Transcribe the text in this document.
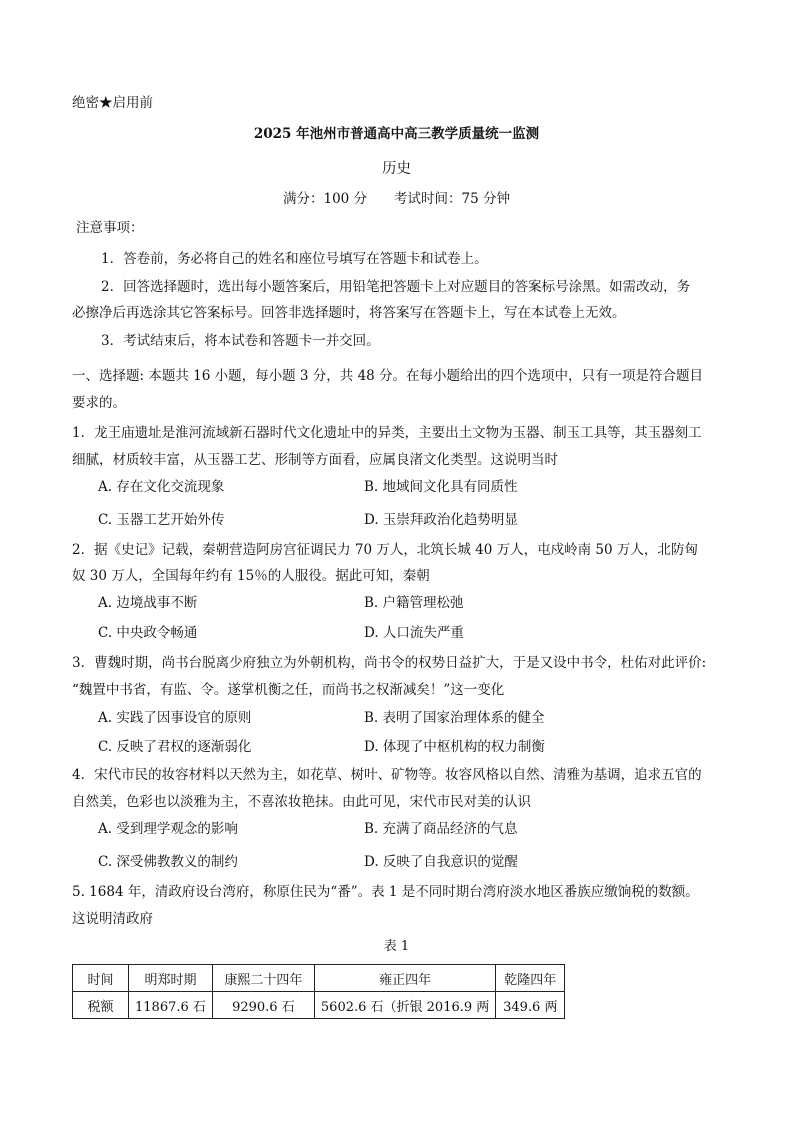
绝密★启用前
2025 年池州市普通高中高三教学质量统一监测
历史
满分：100 分　　考试时间：75 分钟
注意事项：
1．答卷前，务必将自己的姓名和座位号填写在答题卡和试卷上。
2．回答选择题时，选出每小题答案后，用铅笔把答题卡上对应题目的答案标号涂黑。如需改动，务
必擦净后再选涂其它答案标号。回答非选择题时，将答案写在答题卡上，写在本试卷上无效。
3．考试结束后，将本试卷和答题卡一并交回。
一、选择题: 本题共 16 小题，每小题 3 分，共 48 分。在每小题给出的四个选项中，只有一项是符合题目
要求的。
1．龙王庙遗址是淮河流域新石器时代文化遗址中的异类，主要出土文物为玉器、制玉工具等，其玉器刻工
细腻，材质较丰富，从玉器工艺、形制等方面看，应属良渚文化类型。这说明当时
A. 存在文化交流现象	B. 地域间文化具有同质性
C. 玉器工艺开始外传	D. 玉崇拜政治化趋势明显
2．据《史记》记载，秦朝营造阿房宫征调民力 70 万人，北筑长城 40 万人，屯戍岭南 50 万人，北防匈
奴 30 万人，全国每年约有 15％的人服役。据此可知，秦朝
A. 边境战事不断	B. 户籍管理松弛
C. 中央政令畅通	D. 人口流失严重
3．曹魏时期，尚书台脱离少府独立为外朝机构，尚书令的权势日益扩大，于是又设中书令，杜佑对此评价:
“魏置中书省，有监、令。遂掌机衡之任，而尚书之权渐减矣！”这一变化
A. 实践了因事设官的原则	B. 表明了国家治理体系的健全
C. 反映了君权的逐渐弱化	D. 体现了中枢机构的权力制衡
4．宋代市民的妆容材料以天然为主，如花草、树叶、矿物等。妆容风格以自然、清雅为基调，追求五官的
自然美，色彩也以淡雅为主，不喜浓妆艳抹。由此可见，宋代市民对美的认识
A. 受到理学观念的影响	B. 充满了商品经济的气息
C. 深受佛教教义的制约	D. 反映了自我意识的觉醒
5. 1684 年，清政府设台湾府，称原住民为“番”。表 1 是不同时期台湾府淡水地区番族应缴饷税的数额。
这说明清政府
表 1
时间	明郑时期	康熙二十四年	雍正四年	乾隆四年
税额	11867.6 石	9290.6 石	5602.6 石（折银 2016.9 两	349.6 两
